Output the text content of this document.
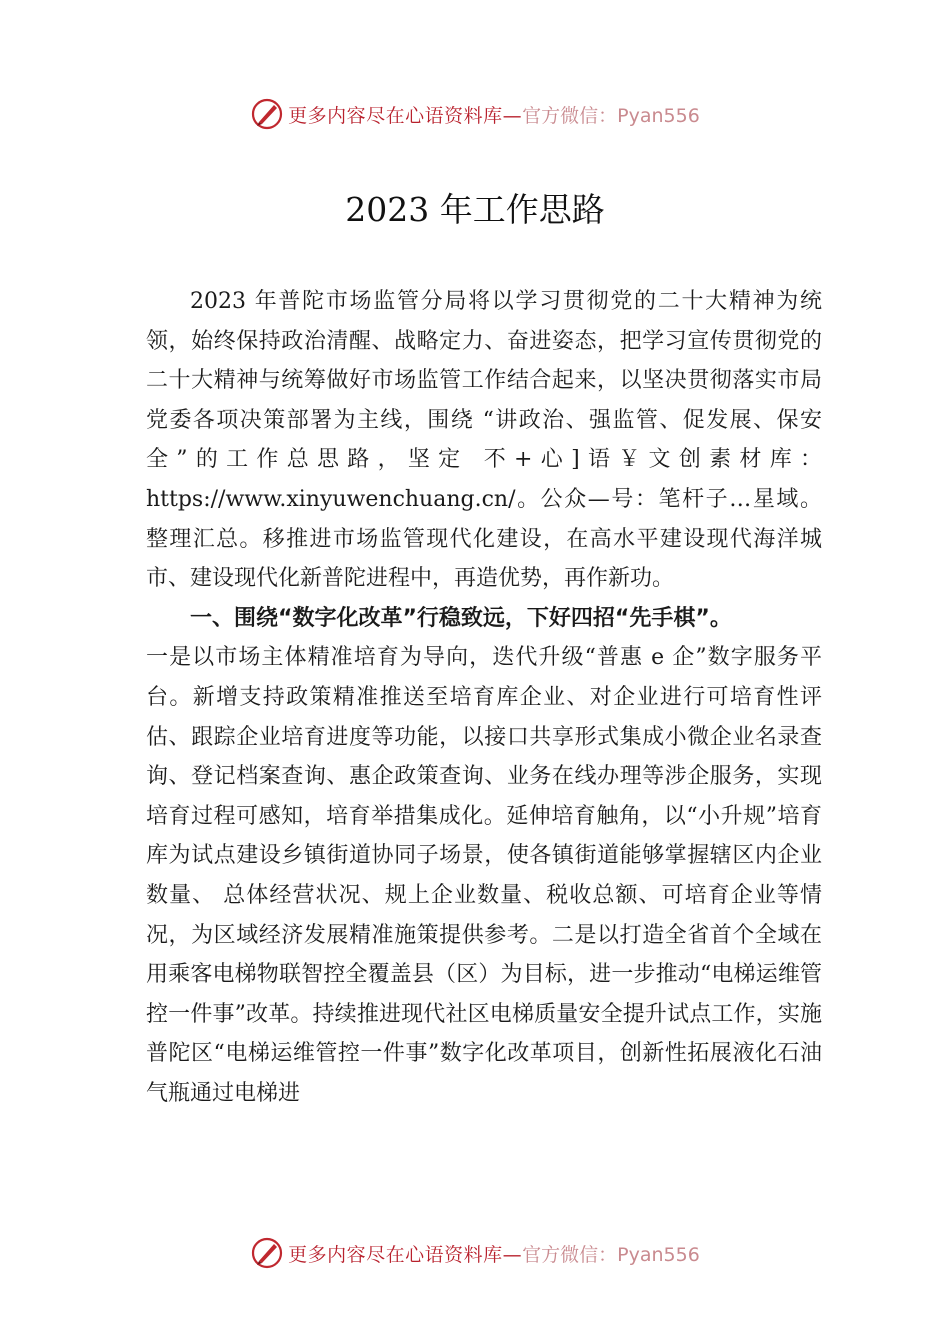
更多内容尽在心语资料库— 官方微信：Pyan556
2023 年工作思路

2023 年普陀市场监管分局将以学习贯彻党的二十大精神为统领，始终保持政治清醒、战略定力、奋进姿态，把学习宣传贯彻党的二十大精神与统筹做好市场监管工作结合起来，以坚决贯彻落实市局党委各项决策部署为主线，围绕 “讲政治、强监管、促发展、保安全”的工作总思路，坚定 不+心]语￥文创素材库：https://www.xinyuwenchuang.cn/。公众—号：笔杆子…星域。整理汇总。移推进市场监管现代化建设，在高水平建设现代海洋城市、建设现代化新普陀进程中，再造优势，再作新功。

一、围绕“数字化改革”行稳致远，下好四招“先手棋”。

一是以市场主体精准培育为导向，迭代升级“普惠 e 企”数字服务平台。新增支持政策精准推送至培育库企业、对企业进行可培育性评估、跟踪企业培育进度等功能，以接口共享形式集成小微企业名录查询、登记档案查询、惠企政策查询、业务在线办理等涉企服务，实现培育过程可感知，培育举措集成化。延伸培育触角，以“小升规”培育库为试点建设乡镇街道协同子场景，使各镇街道能够掌握辖区内企业数量、 总体经营状况、规上企业数量、税收总额、可培育企业等情况，为区域经济发展精准施策提供参考。二是以打造全省首个全域在用乘客电梯物联智控全覆盖县（区）为目标，进一步推动“电梯运维管控一件事”改革。持续推进现代社区电梯质量安全提升试点工作，实施普陀区“电梯运维管控一件事”数字化改革项目，创新性拓展液化石油气瓶通过电梯进

更多内容尽在心语资料库— 官方微信：Pyan556
